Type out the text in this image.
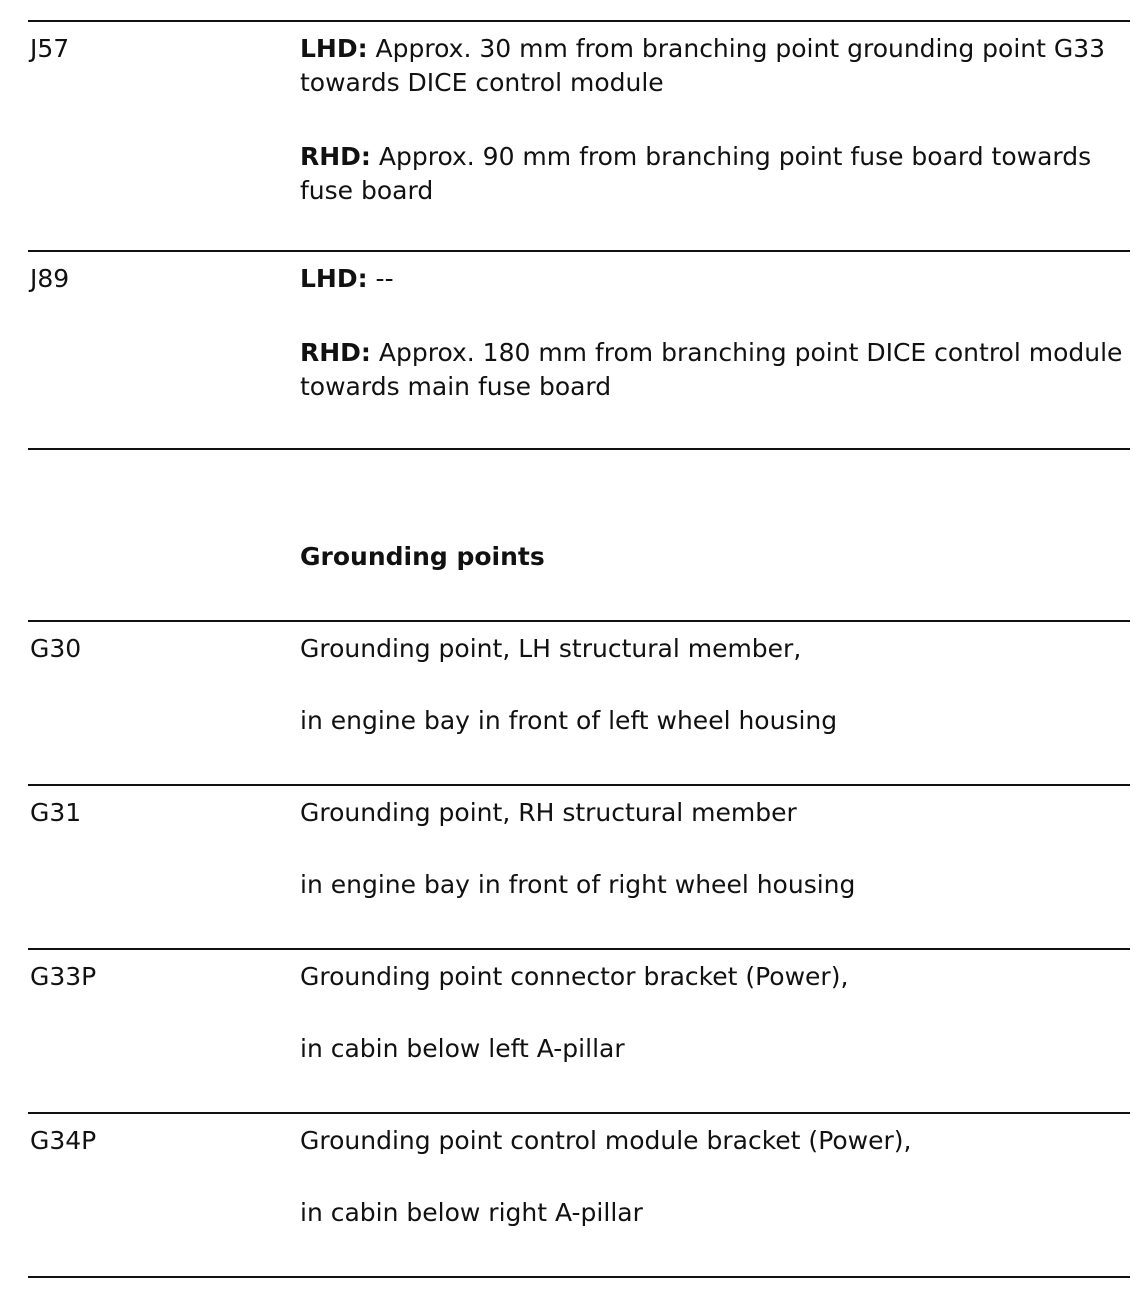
J57	LHD: Approx. 30 mm from branching point grounding point G33 towards DICE control module

RHD: Approx. 90 mm from branching point fuse board towards fuse board

J89	LHD: --

RHD: Approx. 180 mm from branching point DICE control module towards main fuse board

Grounding points
G30	Grounding point, LH structural member,

in engine bay in front of left wheel housing

G31	Grounding point, RH structural member

in engine bay in front of right wheel housing

G33P	Grounding point connector bracket (Power),

in cabin below left A-pillar

G34P	Grounding point control module bracket (Power),

in cabin below right A-pillar
